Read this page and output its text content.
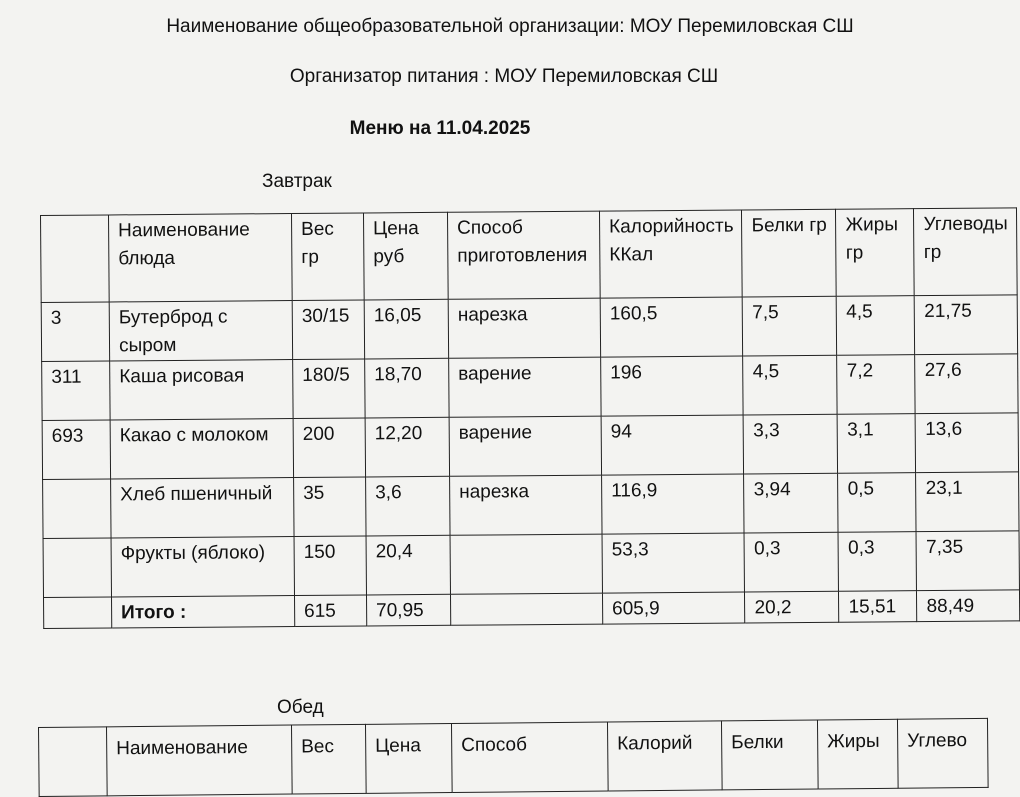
Наименование общеобразовательной организации: МОУ Перемиловская СШ
Организатор питания : МОУ Перемиловская СШ
Меню на 11.04.2025
Завтрак
	Наименование блюда	Вес гр	Цена руб	Способ приготовления	Калорийность ККал	Белки гр	Жиры гр	Углеводы гр
3	Бутерброд с сыром	30/15	16,05	нарезка	160,5	7,5	4,5	21,75
311	Каша рисовая	180/5	18,70	варение	196	4,5	7,2	27,6
693	Какао с молоком	200	12,20	варение	94	3,3	3,1	13,6
	Хлеб пшеничный	35	3,6	нарезка	116,9	3,94	0,5	23,1
	Фрукты (яблоко)	150	20,4		53,3	0,3	0,3	7,35
	Итого :	615	70,95		605,9	20,2	15,51	88,49
Обед
	Наименование	Вес	Цена	Способ	Калорий	Белки	Жиры	Углево
